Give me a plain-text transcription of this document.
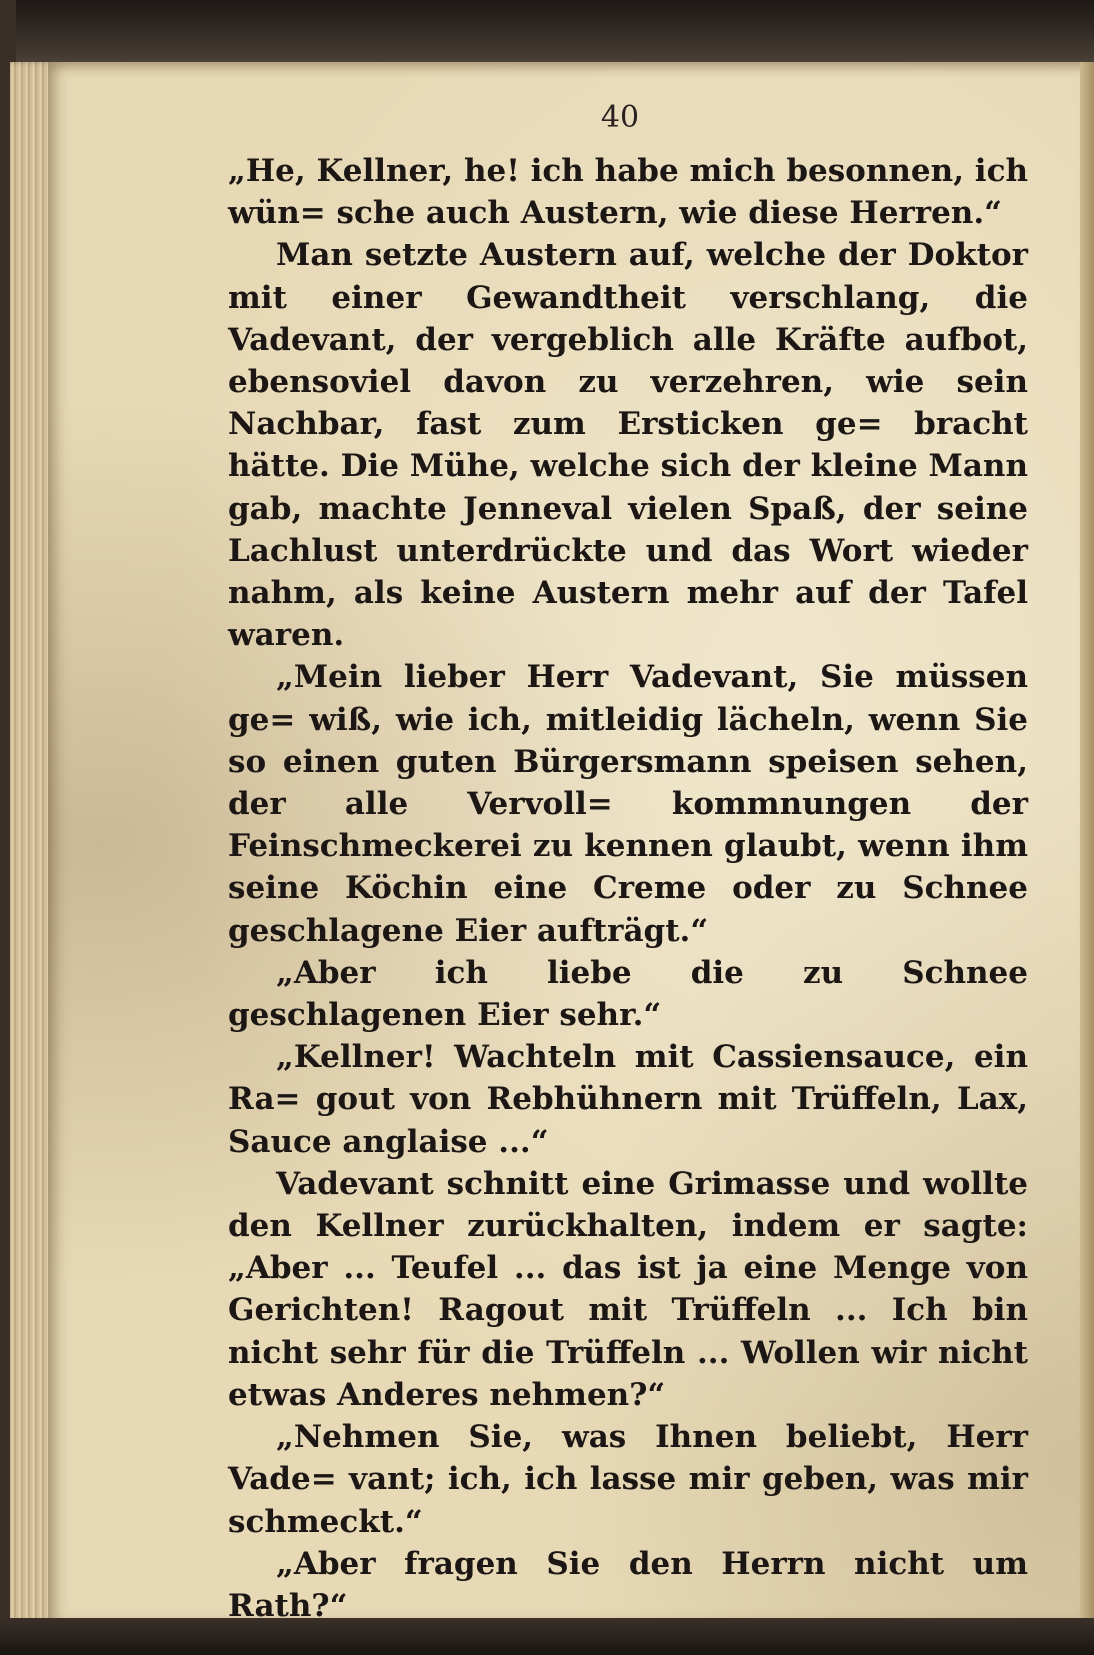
40

„He, Kellner, he! ich habe mich besonnen, ich wün= sche auch Austern, wie diese Herren.“

Man setzte Austern auf, welche der Doktor mit einer Gewandtheit verschlang, die Vadevant, der vergeblich alle Kräfte aufbot, ebensoviel davon zu verzehren, wie sein Nachbar, fast zum Ersticken ge= bracht hätte. Die Mühe, welche sich der kleine Mann gab, machte Jenneval vielen Spaß, der seine Lachlust unterdrückte und das Wort wieder nahm, als keine Austern mehr auf der Tafel waren.

„Mein lieber Herr Vadevant, Sie müssen ge= wiß, wie ich, mitleidig lächeln, wenn Sie so einen guten Bürgersmann speisen sehen, der alle Vervoll= kommnungen der Feinschmeckerei zu kennen glaubt, wenn ihm seine Köchin eine Creme oder zu Schnee geschlagene Eier aufträgt.“

„Aber ich liebe die zu Schnee geschlagenen Eier sehr.“

„Kellner! Wachteln mit Cassiensauce, ein Ra= gout von Rebhühnern mit Trüffeln, Lax, Sauce anglaise ...“

Vadevant schnitt eine Grimasse und wollte den Kellner zurückhalten, indem er sagte: „Aber ... Teufel ... das ist ja eine Menge von Gerichten! Ragout mit Trüffeln ... Ich bin nicht sehr für die Trüffeln ... Wollen wir nicht etwas Anderes nehmen?“

„Nehmen Sie, was Ihnen beliebt, Herr Vade= vant; ich, ich lasse mir geben, was mir schmeckt.“

„Aber fragen Sie den Herrn nicht um Rath?“
